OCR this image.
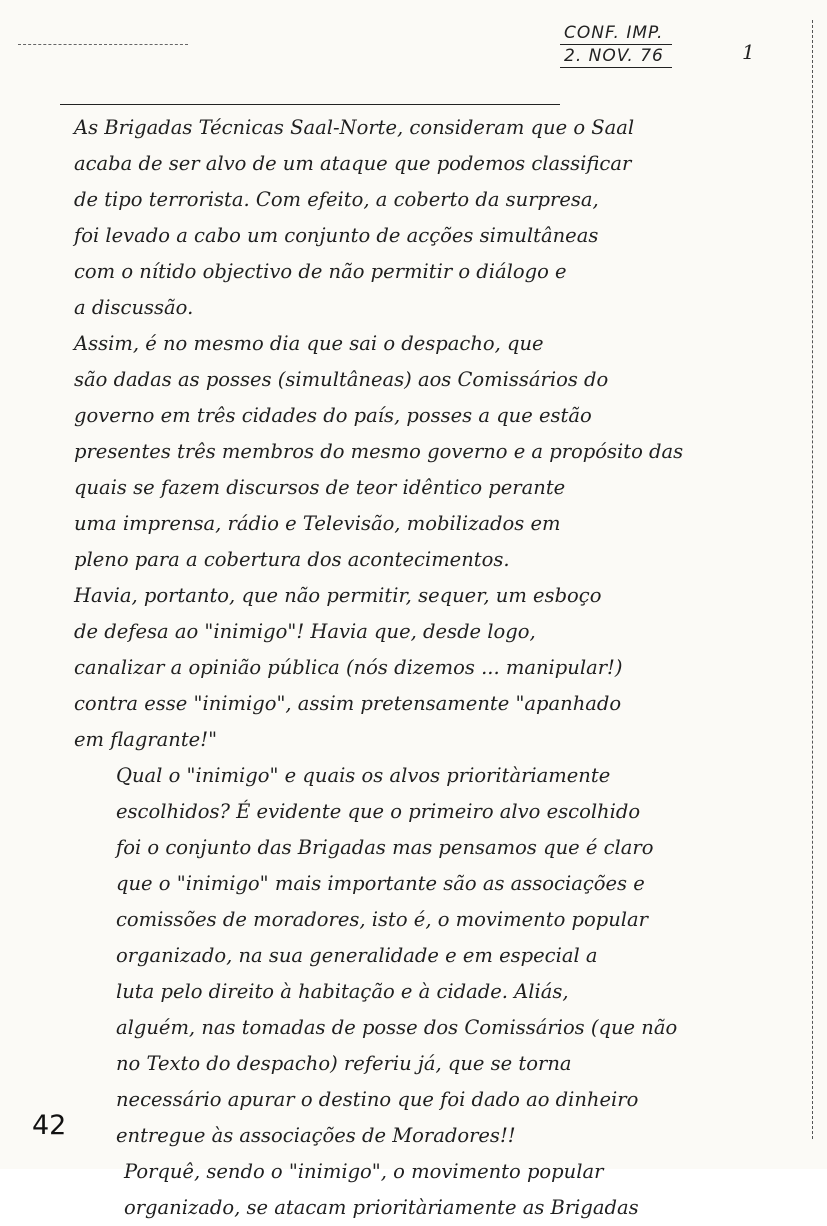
CONF. IMP.
2. NOV. 76	1
As Brigadas Técnicas Saal-Norte, consideram que o Saal
acaba de ser alvo de um ataque que podemos classificar
de tipo terrorista. Com efeito, a coberto da surpresa,
foi levado a cabo um conjunto de acções simultâneas
com o nítido objectivo de não permitir o diálogo e
a discussão.
Assim, é no mesmo dia que sai o despacho, que
são dadas as posses (simultâneas) aos Comissários do
governo em três cidades do país, posses a que estão
presentes três membros do mesmo governo e a propósito das
quais se fazem discursos de teor idêntico perante
uma imprensa, rádio e Televisão, mobilizados em
pleno para a cobertura dos acontecimentos.
Havia, portanto, que não permitir, sequer, um esboço
de defesa ao "inimigo"! Havia que, desde logo,
canalizar a opinião pública (nós dizemos ... manipular!)
contra esse "inimigo", assim pretensamente "apanhado
em flagrante!"
Qual o "inimigo" e quais os alvos prioritàriamente
escolhidos? É evidente que o primeiro alvo escolhido
foi o conjunto das Brigadas mas pensamos que é claro
que o "inimigo" mais importante são as associações e
comissões de moradores, isto é, o movimento popular
organizado, na sua generalidade e em especial a
luta pelo direito à habitação e à cidade. Aliás,
alguém, nas tomadas de posse dos Comissários (que não
no Texto do despacho) referiu já, que se torna
necessário apurar o destino que foi dado ao dinheiro
entregue às associações de Moradores!!
Porquê, sendo o "inimigo", o movimento popular
organizado, se atacam prioritàriamente as Brigadas
42
